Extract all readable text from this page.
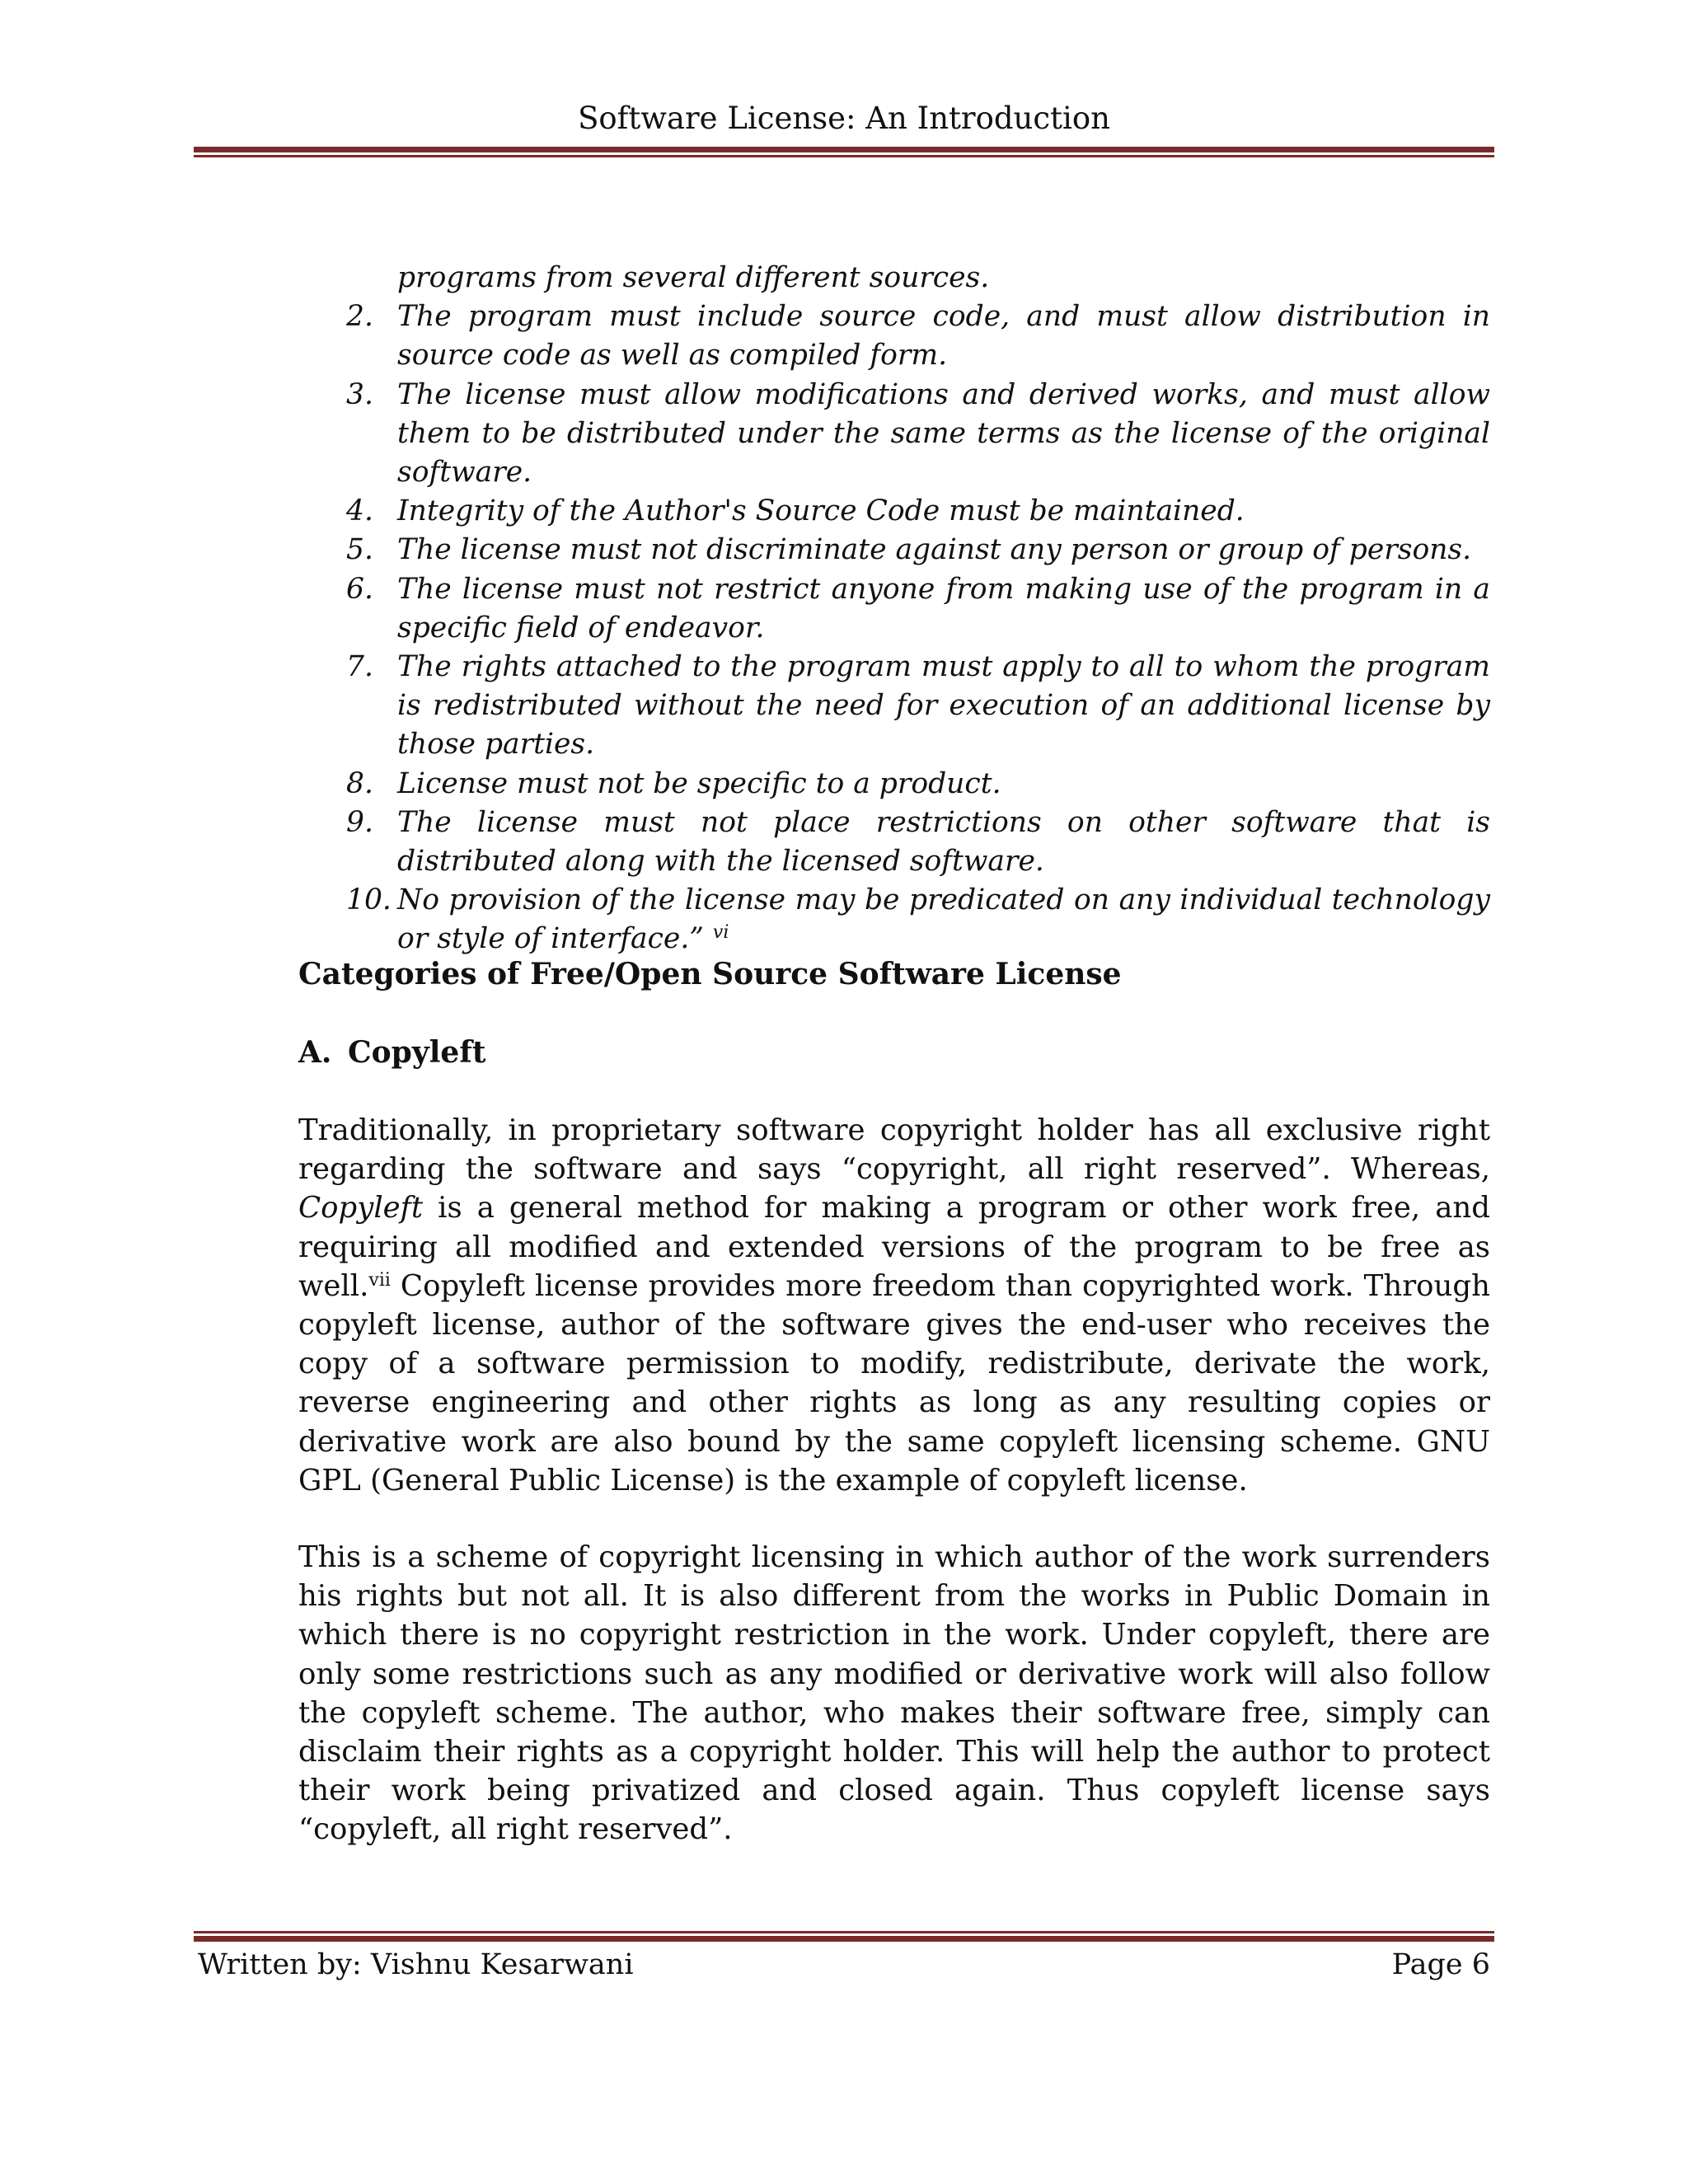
Software License: An Introduction
programs from several different sources.
2. The program must include source code, and must allow distribution in source code as well as compiled form.
3. The license must allow modifications and derived works, and must allow them to be distributed under the same terms as the license of the original software.
4. Integrity of the Author's Source Code must be maintained.
5. The license must not discriminate against any person or group of persons.
6. The license must not restrict anyone from making use of the program in a specific field of endeavor.
7. The rights attached to the program must apply to all to whom the program is redistributed without the need for execution of an additional license by those parties.
8. License must not be specific to a product.
9. The license must not place restrictions on other software that is distributed along with the licensed software.
10. No provision of the license may be predicated on any individual technology or style of interface.” $^{vi}$
Categories of Free/Open Source Software License
A. Copyleft

Traditionally, in proprietary software copyright holder has all exclusive right regarding the software and says “copyright, all right reserved”. Whereas, Copyleft is a general method for making a program or other work free, and requiring all modified and extended versions of the program to be free as well.$^{vii}$ Copyleft license provides more freedom than copyrighted work. Through copyleft license, author of the software gives the end-user who receives the copy of a software permission to modify, redistribute, derivate the work, reverse engineering and other rights as long as any resulting copies or derivative work are also bound by the same copyleft licensing scheme. GNU GPL (General Public License) is the example of copyleft license.

This is a scheme of copyright licensing in which author of the work surrenders his rights but not all. It is also different from the works in Public Domain in which there is no copyright restriction in the work. Under copyleft, there are only some restrictions such as any modified or derivative work will also follow the copyleft scheme. The author, who makes their software free, simply can disclaim their rights as a copyright holder. This will help the author to protect their work being privatized and closed again. Thus copyleft license says “copyleft, all right reserved”.

Written by: Vishnu Kesarwani	Page 6
